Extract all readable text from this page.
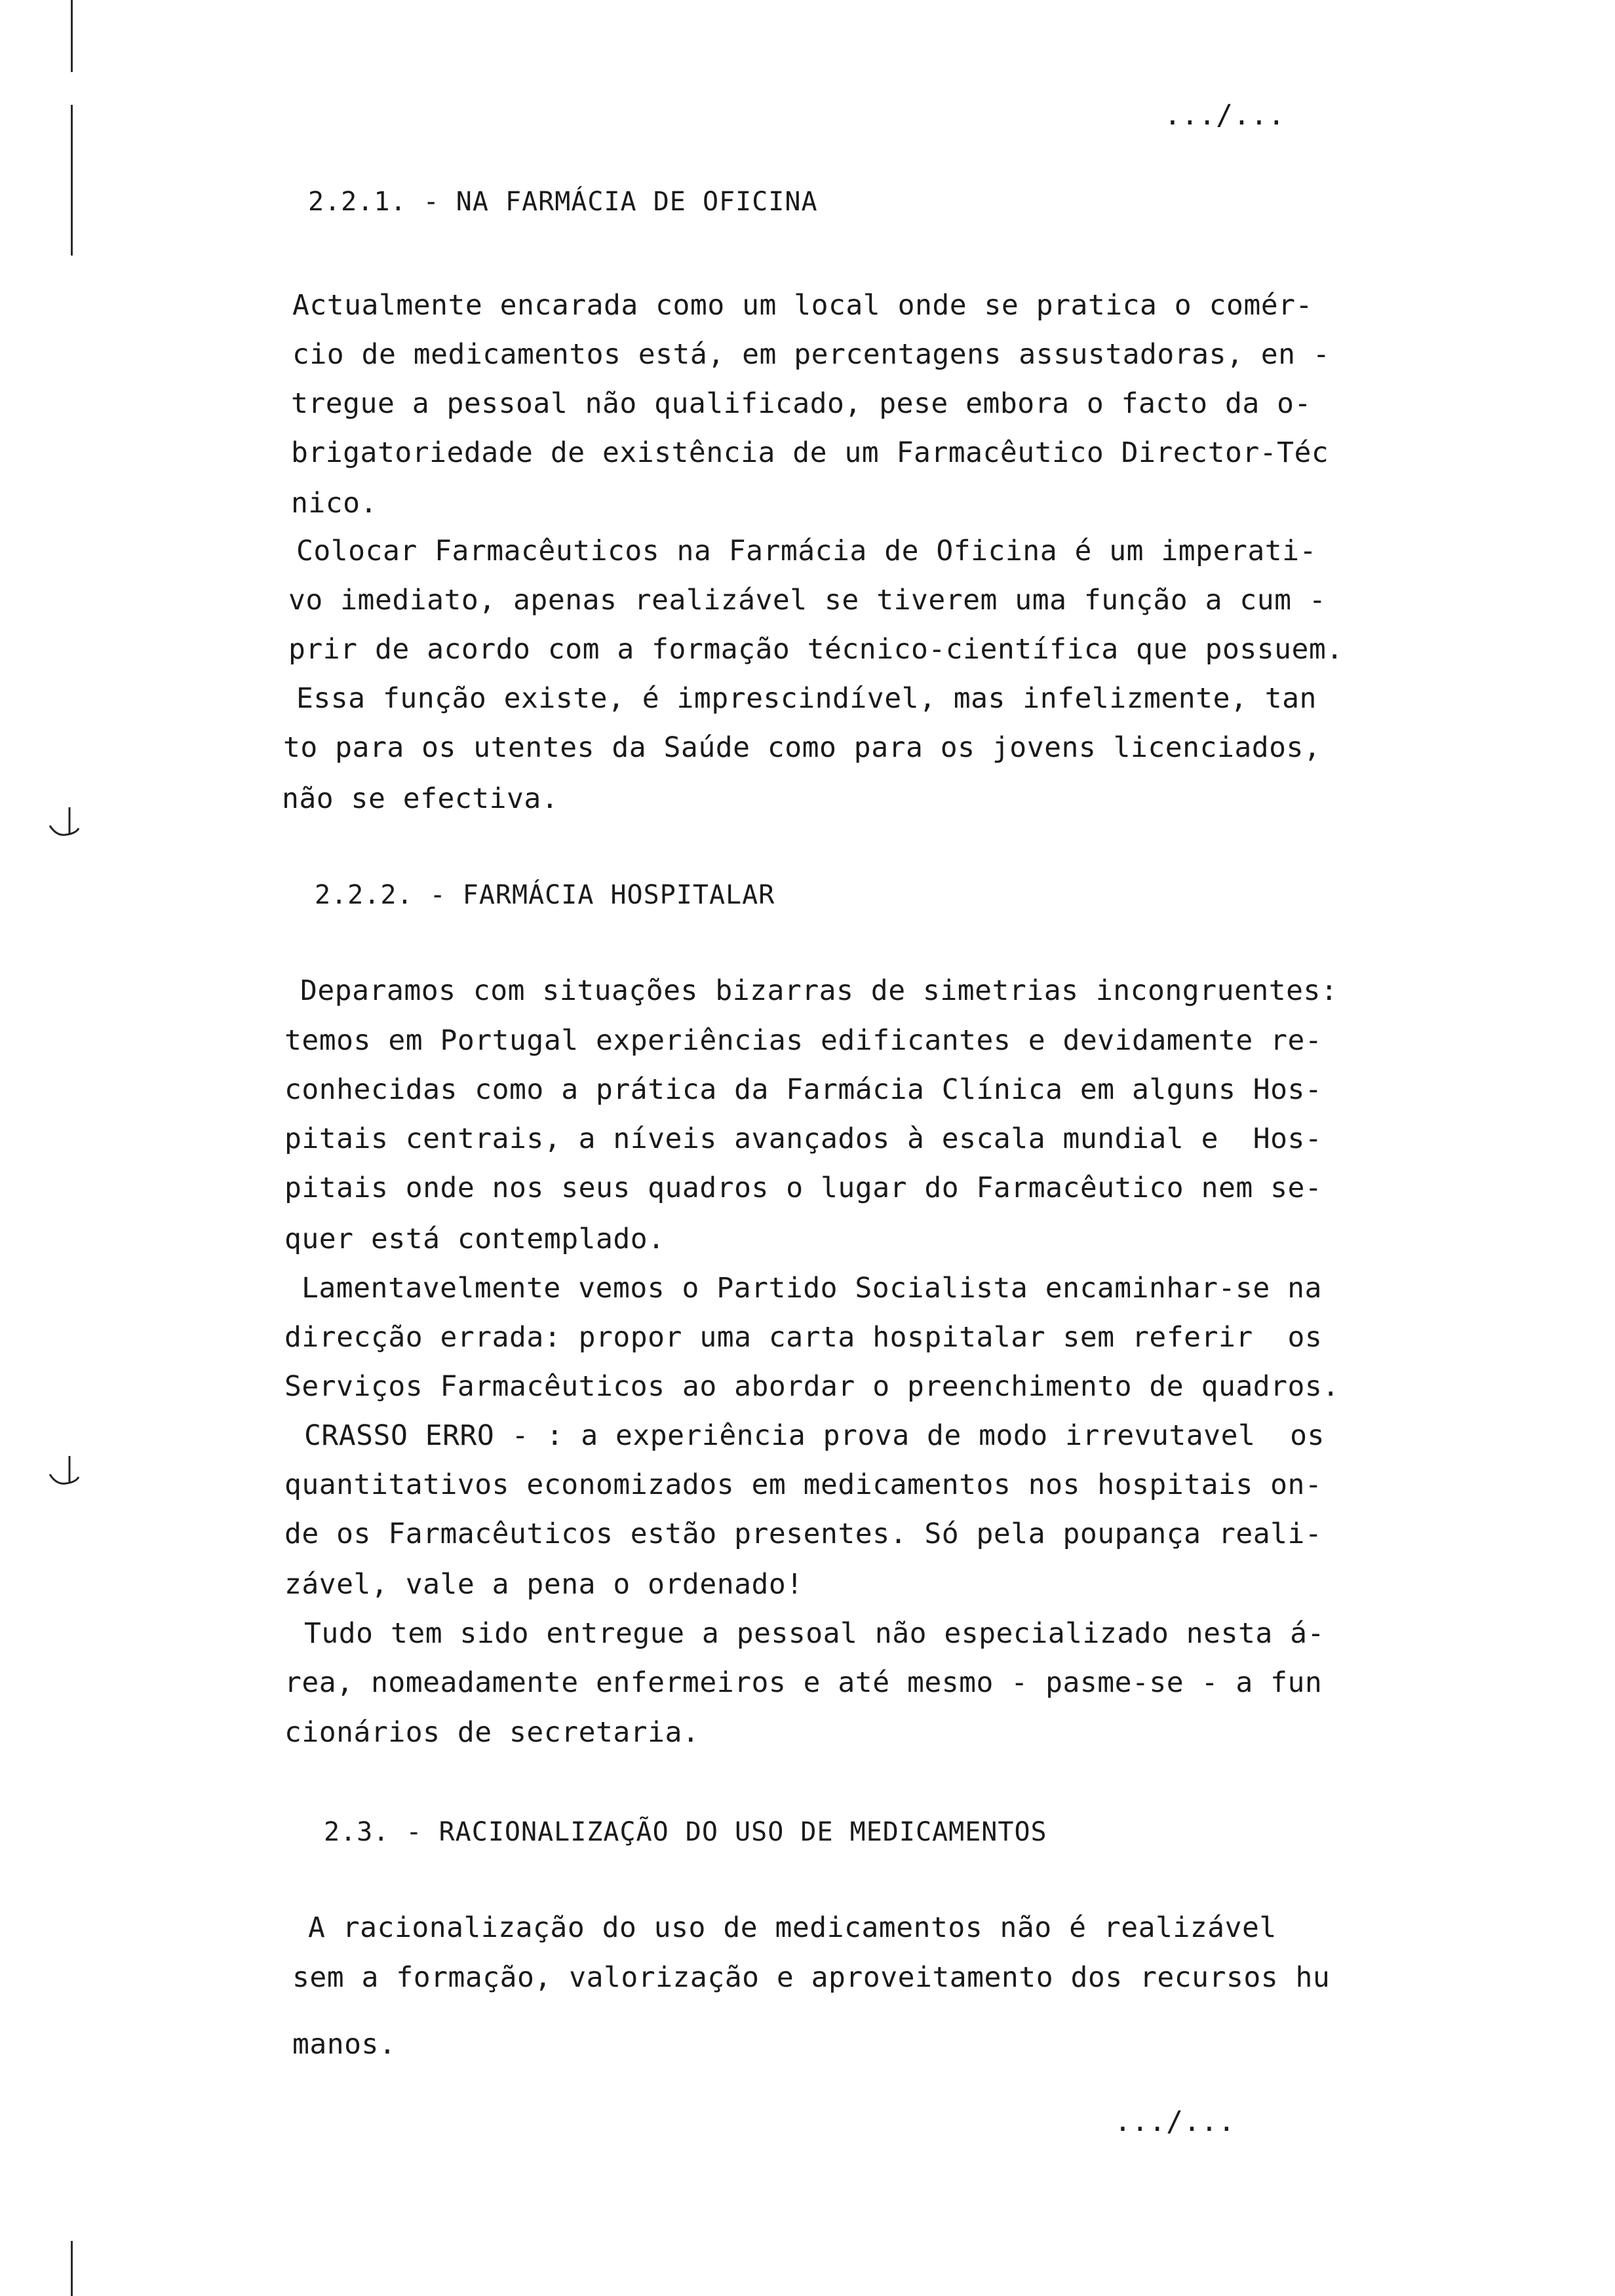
.../...
2.2.1. - NA FARMÁCIA DE OFICINA
Actualmente encarada como um local onde se pratica o comér-
cio de medicamentos está, em percentagens assustadoras, en -
tregue a pessoal não qualificado, pese embora o facto da o-
brigatoriedade de existência de um Farmacêutico Director-Téc
nico.
Colocar Farmacêuticos na Farmácia de Oficina é um imperati-
vo imediato, apenas realizável se tiverem uma função a cum -
prir de acordo com a formação técnico-científica que possuem.
Essa função existe, é imprescindível, mas infelizmente, tan
to para os utentes da Saúde como para os jovens licenciados,
não se efectiva.
2.2.2. - FARMÁCIA HOSPITALAR
Deparamos com situações bizarras de simetrias incongruentes:
temos em Portugal experiências edificantes e devidamente re-
conhecidas como a prática da Farmácia Clínica em alguns Hos-
pitais centrais, a níveis avançados à escala mundial e  Hos-
pitais onde nos seus quadros o lugar do Farmacêutico nem se-
quer está contemplado.
Lamentavelmente vemos o Partido Socialista encaminhar-se na
direcção errada: propor uma carta hospitalar sem referir  os
Serviços Farmacêuticos ao abordar o preenchimento de quadros.
CRASSO ERRO - : a experiência prova de modo irrevutavel  os
quantitativos economizados em medicamentos nos hospitais on-
de os Farmacêuticos estão presentes. Só pela poupança reali-
zável, vale a pena o ordenado!
Tudo tem sido entregue a pessoal não especializado nesta á-
rea, nomeadamente enfermeiros e até mesmo - pasme-se - a fun
cionários de secretaria.
2.3. - RACIONALIZAÇÃO DO USO DE MEDICAMENTOS
A racionalização do uso de medicamentos não é realizável
sem a formação, valorização e aproveitamento dos recursos hu
manos.
.../...
